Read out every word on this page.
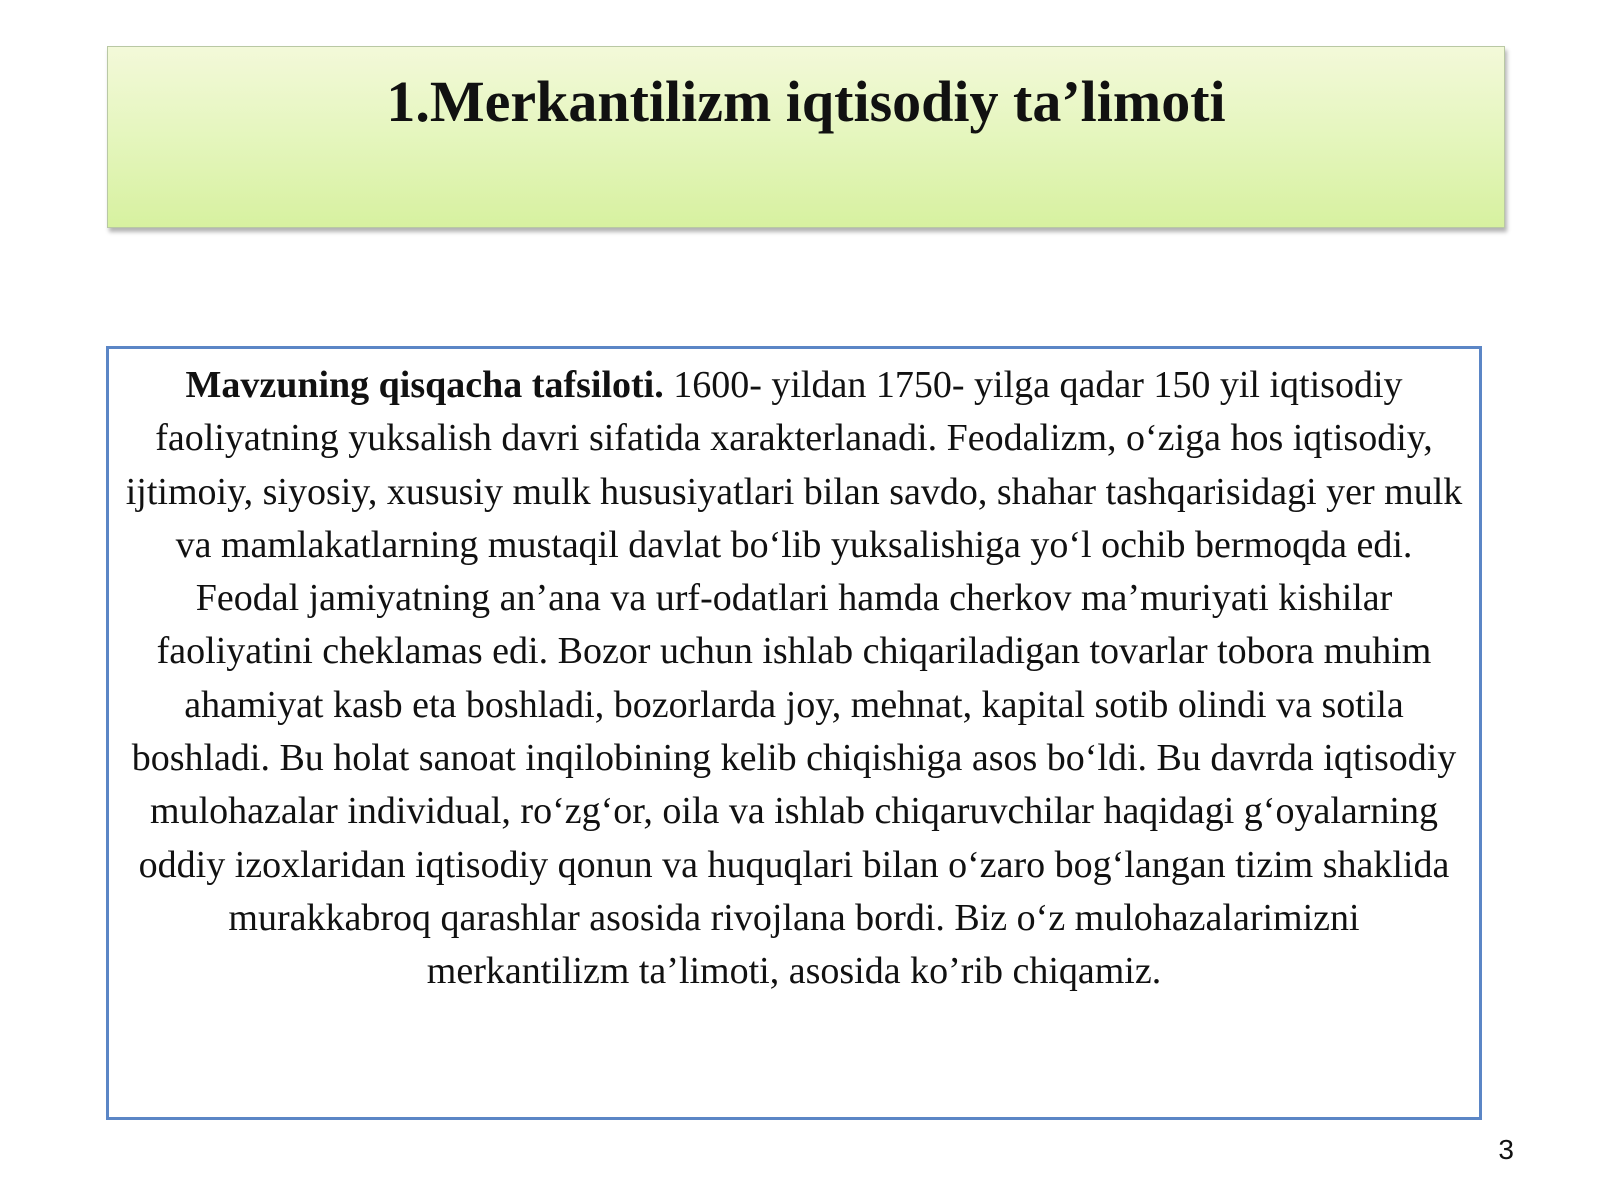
1.Merkantilizm iqtisodiy ta’limoti

Mavzuning qisqacha tafsiloti. 1600- yildan 1750- yilga qadar 150 yil iqtisodiy faoliyatning yuksalish davri sifatida xarakterlanadi. Feodalizm, o‘ziga hos iqtisodiy, ijtimoiy, siyosiy, xususiy mulk hususiyatlari bilan savdo, shahar tashqarisidagi yer mulk va mamlakatlarning mustaqil davlat bo‘lib yuksalishiga yo‘l ochib bermoqda edi. Feodal jamiyatning an’ana va urf-odatlari hamda cherkov ma’muriyati kishilar faoliyatini cheklamas edi. Bozor uchun ishlab chiqariladigan tovarlar tobora muhim ahamiyat kasb eta boshladi, bozorlarda joy, mehnat, kapital sotib olindi va sotila boshladi. Bu holat sanoat inqilobining kelib chiqishiga asos bo‘ldi. Bu davrda iqtisodiy mulohazalar individual, ro‘zg‘or, oila va ishlab chiqaruvchilar haqidagi g‘oyalarning oddiy izoxlaridan iqtisodiy qonun va huquqlari bilan o‘zaro bog‘langan tizim shaklida murakkabroq qarashlar asosida rivojlana bordi. Biz o‘z mulohazalarimizni merkantilizm ta’limoti, asosida ko’rib chiqamiz.

3
